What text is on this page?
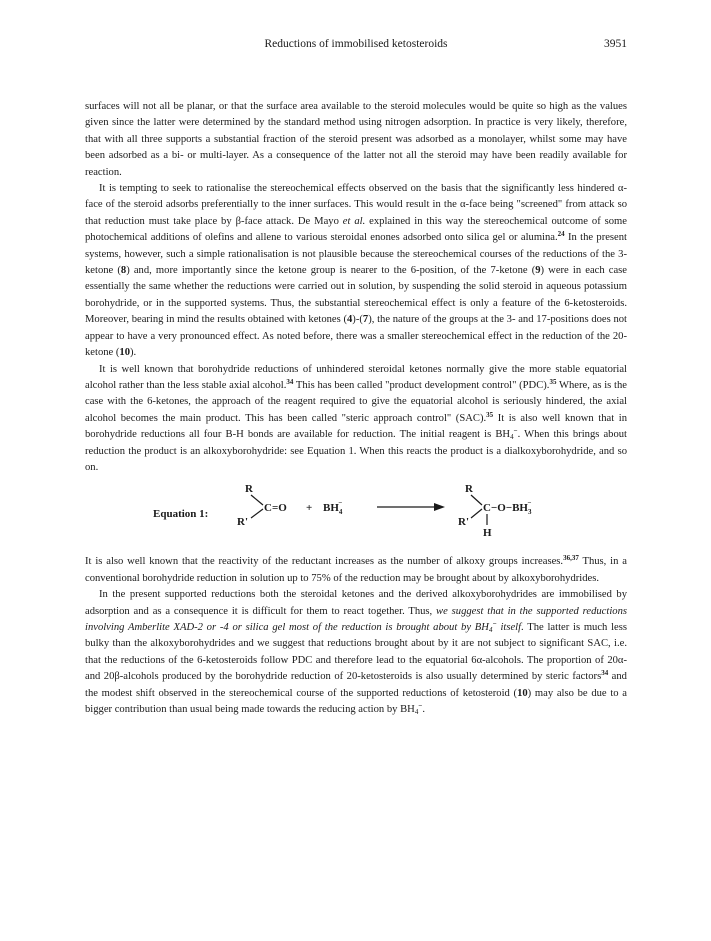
Reductions of immobilised ketosteroids	3951

surfaces will not all be planar, or that the surface area available to the steroid molecules would be quite so high as the values given since the latter were determined by the standard method using nitrogen adsorption. In practice is very likely, therefore, that with all three supports a substantial fraction of the steroid present was adsorbed as a monolayer, whilst some may have been adsorbed as a bi- or multi-layer. As a consequence of the latter not all the steroid may have been readily available for reaction.

It is tempting to seek to rationalise the stereochemical effects observed on the basis that the significantly less hindered α-face of the steroid adsorbs preferentially to the inner surfaces. This would result in the α-face being "screened" from attack so that reduction must take place by β-face attack. De Mayo et al. explained in this way the stereochemical outcome of some photochemical additions of olefins and allene to various steroidal enones adsorbed onto silica gel or alumina.$^{24}$ In the present systems, however, such a simple rationalisation is not plausible because the stereochemical courses of the reductions of the 3-ketone (8) and, more importantly since the ketone group is nearer to the 6-position, of the 7-ketone (9) were in each case essentially the same whether the reductions were carried out in solution, by suspending the solid steroid in aqueous potassium borohydride, or in the supported systems. Thus, the substantial stereochemical effect is only a feature of the 6-ketosteroids. Moreover, bearing in mind the results obtained with ketones (4)-(7), the nature of the groups at the 3- and 17-positions does not appear to have a very pronounced effect. As noted before, there was a smaller stereochemical effect in the reduction of the 20-ketone (10).

It is well known that borohydride reductions of unhindered steroidal ketones normally give the more stable equatorial alcohol rather than the less stable axial alcohol.$^{34}$ This has been called "product development control" (PDC).$^{35}$ Where, as is the case with the 6-ketones, the approach of the reagent required to give the equatorial alcohol is seriously hindered, the axial alcohol becomes the main product. This has been called "steric approach control" (SAC).$^{35}$ It is also well known that in borohydride reductions all four B-H bonds are available for reduction. The initial reagent is $BH_4^-$. When this brings about reduction the product is an alkoxyborohydride: see Equation 1. When this reacts the product is a dialkoxyborohydride, and so on.

Equation 1:
R
R'
$C=O + BH_4-$
R
R'
C
H
$-O-BH_3-$

It is also well known that the reactivity of the reductant increases as the number of alkoxy groups increases.$^{36,37}$ Thus, in a conventional borohydride reduction in solution up to 75% of the reduction may be brought about by alkoxyborohydrides.

In the present supported reductions both the steroidal ketones and the derived alkoxyborohydrides are immobilised by adsorption and as a consequence it is difficult for them to react together. Thus, we suggest that in the supported reductions involving Amberlite XAD-2 or -4 or silica gel most of the reduction is brought about by $BH_4^-$ itself. The latter is much less bulky than the alkoxyborohydrides and we suggest that reductions brought about by it are not subject to significant SAC, i.e. that the reductions of the 6-ketosteroids follow PDC and therefore lead to the equatorial 6α-alcohols. The proportion of 20α- and 20β-alcohols produced by the borohydride reduction of 20-ketosteroids is also usually determined by steric factors$^{34}$ and the modest shift observed in the stereochemical course of the supported reductions of ketosteroid (10) may also be due to a bigger contribution than usual being made towards the reducing action by $BH_4^-$.
